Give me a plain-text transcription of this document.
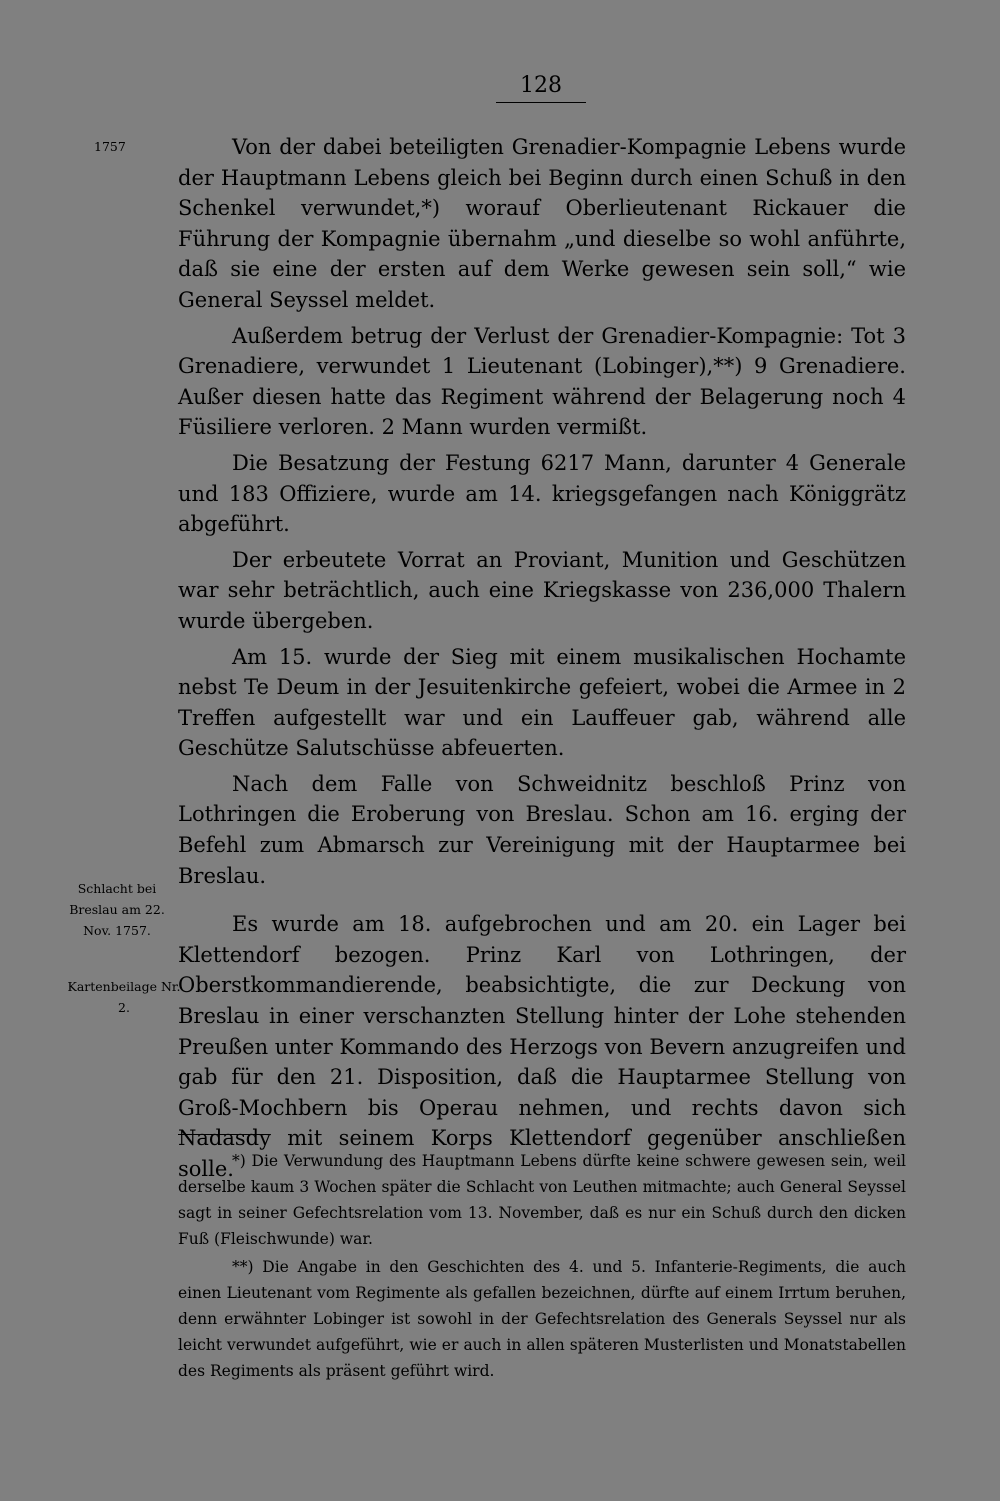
128
1757
Schlacht bei Breslau am 22. Nov. 1757.
Kartenbeilage Nr. 2.

Von der dabei beteiligten Grenadier-Kompagnie Lebens wurde der Hauptmann Lebens gleich bei Beginn durch einen Schuß in den Schenkel verwundet,*) worauf Oberlieutenant Rickauer die Führung der Kompagnie übernahm „und dieselbe so wohl anführte, daß sie eine der ersten auf dem Werke gewesen sein soll,“ wie General Seyssel meldet.

Außerdem betrug der Verlust der Grenadier-Kompagnie: Tot 3 Grenadiere, verwundet 1 Lieutenant (Lobinger),**) 9 Grenadiere. Außer diesen hatte das Regiment während der Belagerung noch 4 Füsiliere verloren. 2 Mann wurden vermißt.

Die Besatzung der Festung 6217 Mann, darunter 4 Generale und 183 Offiziere, wurde am 14. kriegsgefangen nach Königgrätz abgeführt.

Der erbeutete Vorrat an Proviant, Munition und Geschützen war sehr beträchtlich, auch eine Kriegskasse von 236,000 Thalern wurde übergeben.

Am 15. wurde der Sieg mit einem musikalischen Hochamte nebst Te Deum in der Jesuitenkirche gefeiert, wobei die Armee in 2 Treffen aufgestellt war und ein Lauffeuer gab, während alle Geschütze Salutschüsse abfeuerten.

Nach dem Falle von Schweidnitz beschloß Prinz von Lothringen die Eroberung von Breslau. Schon am 16. erging der Befehl zum Abmarsch zur Vereinigung mit der Hauptarmee bei Breslau.

Es wurde am 18. aufgebrochen und am 20. ein Lager bei Klettendorf bezogen. Prinz Karl von Lothringen, der Oberstkommandierende, beabsichtigte, die zur Deckung von Breslau in einer verschanzten Stellung hinter der Lohe stehenden Preußen unter Kommando des Herzogs von Bevern anzugreifen und gab für den 21. Disposition, daß die Hauptarmee Stellung von Groß-Mochbern bis Operau nehmen, und rechts davon sich Nadasdy mit seinem Korps Klettendorf gegenüber anschließen solle.

*) Die Verwundung des Hauptmann Lebens dürfte keine schwere gewesen sein, weil derselbe kaum 3 Wochen später die Schlacht von Leuthen mitmachte; auch General Seyssel sagt in seiner Gefechtsrelation vom 13. November, daß es nur ein Schuß durch den dicken Fuß (Fleischwunde) war.

**) Die Angabe in den Geschichten des 4. und 5. Infanterie-Regiments, die auch einen Lieutenant vom Regimente als gefallen bezeichnen, dürfte auf einem Irrtum beruhen, denn erwähnter Lobinger ist sowohl in der Gefechtsrelation des Generals Seyssel nur als leicht verwundet aufgeführt, wie er auch in allen späteren Musterlisten und Monatstabellen des Regiments als präsent geführt wird.
